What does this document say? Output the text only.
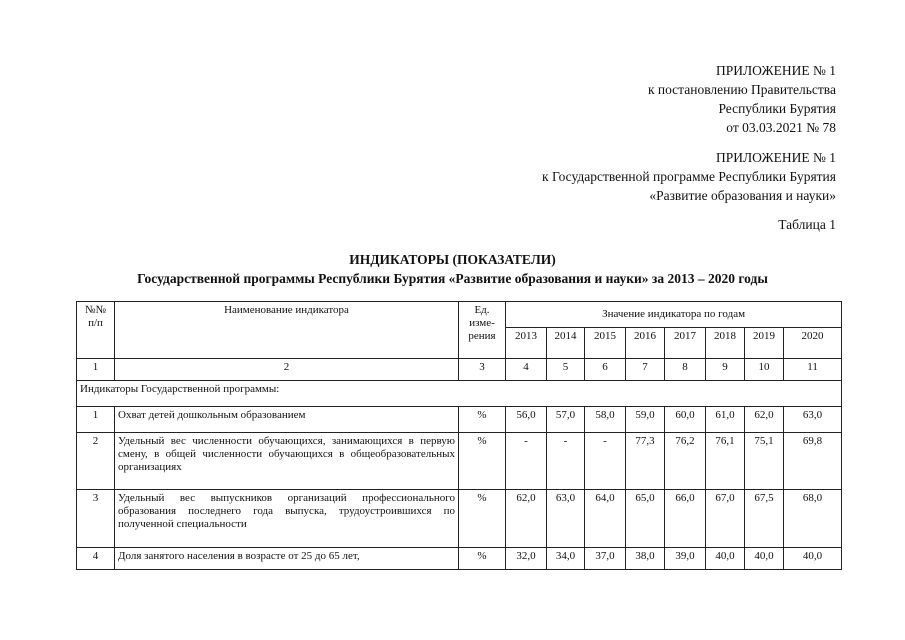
ПРИЛОЖЕНИЕ № 1
к постановлению Правительства
Республики Бурятия
от 03.03.2021 № 78
ПРИЛОЖЕНИЕ № 1
к Государственной программе Республики Бурятия
«Развитие образования и науки»
Таблица 1
ИНДИКАТОРЫ (ПОКАЗАТЕЛИ)
Государственной программы Республики Бурятия «Развитие образования и науки» за 2013 – 2020 годы
№№ п/п	Наименование индикатора	Ед. изме-рения	Значение индикатора по годам							
			2013	2014	2015	2016	2017	2018	2019	2020
1	2	3	4	5	6	7	8	9	10	11
Индикаторы Государственной программы:										
1	Охват детей дошкольным образованием	%	56,0	57,0	58,0	59,0	60,0	61,0	62,0	63,0
2	Удельный вес численности обучающихся, занимающихся в первую смену, в общей численности обучающихся в общеобразовательных организациях	%	-	-	-	77,3	76,2	76,1	75,1	69,8
3	Удельный вес выпускников организаций профессионального образования последнего года выпуска, трудоустроившихся по полученной специальности	%	62,0	63,0	64,0	65,0	66,0	67,0	67,5	68,0
4	Доля занятого населения в возрасте от 25 до 65 лет,	%	32,0	34,0	37,0	38,0	39,0	40,0	40,0	40,0
